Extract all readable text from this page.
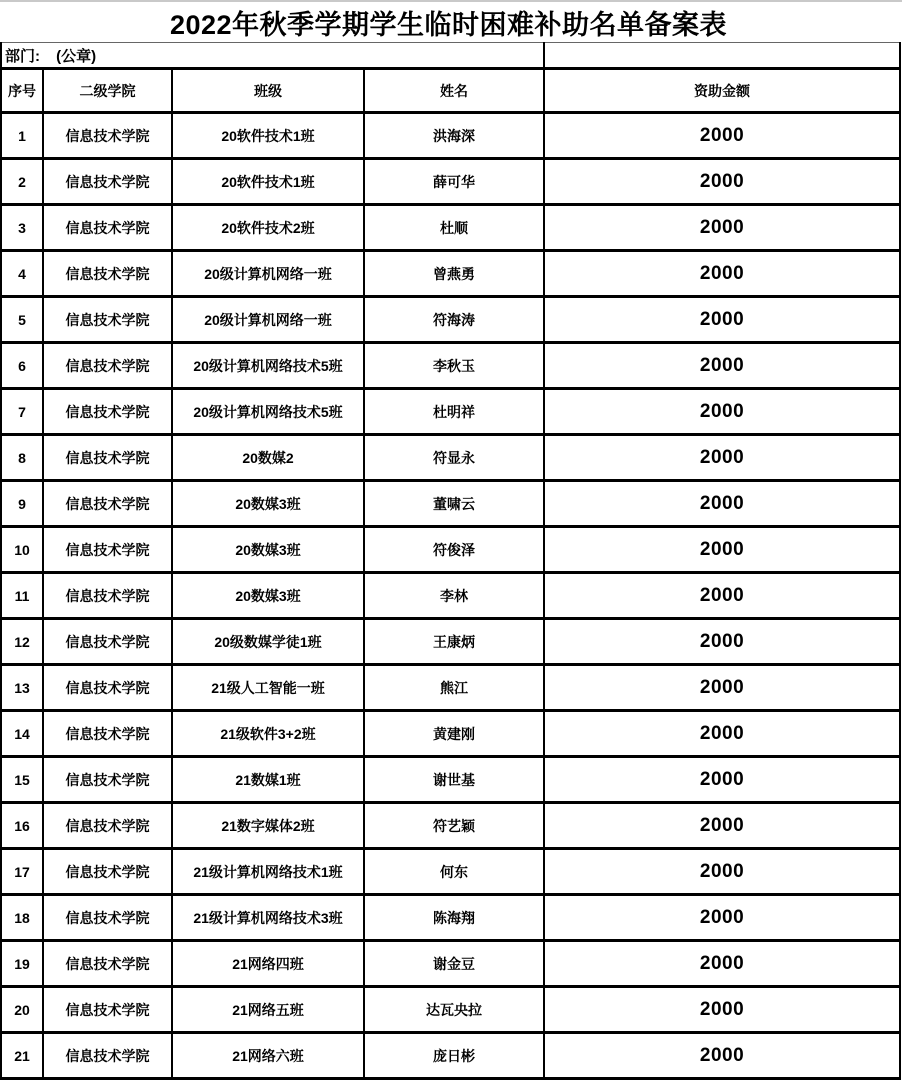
2022年秋季学期学生临时困难补助名单备案表
部门: (公章)				
序号	二级学院	班级	姓名	资助金额
1	信息技术学院	20软件技术1班	洪海深	2000
2	信息技术学院	20软件技术1班	薛可华	2000
3	信息技术学院	20软件技术2班	杜顺	2000
4	信息技术学院	20级计算机网络一班	曾燕勇	2000
5	信息技术学院	20级计算机网络一班	符海涛	2000
6	信息技术学院	20级计算机网络技术5班	李秋玉	2000
7	信息技术学院	20级计算机网络技术5班	杜明祥	2000
8	信息技术学院	20数媒2	符显永	2000
9	信息技术学院	20数媒3班	董啸云	2000
10	信息技术学院	20数媒3班	符俊泽	2000
11	信息技术学院	20数媒3班	李林	2000
12	信息技术学院	20级数媒学徒1班	王康炳	2000
13	信息技术学院	21级人工智能一班	熊江	2000
14	信息技术学院	21级软件3+2班	黄建刚	2000
15	信息技术学院	21数媒1班	谢世基	2000
16	信息技术学院	21数字媒体2班	符艺颖	2000
17	信息技术学院	21级计算机网络技术1班	何东	2000
18	信息技术学院	21级计算机网络技术3班	陈海翔	2000
19	信息技术学院	21网络四班	谢金豆	2000
20	信息技术学院	21网络五班	达瓦央拉	2000
21	信息技术学院	21网络六班	庞日彬	2000
